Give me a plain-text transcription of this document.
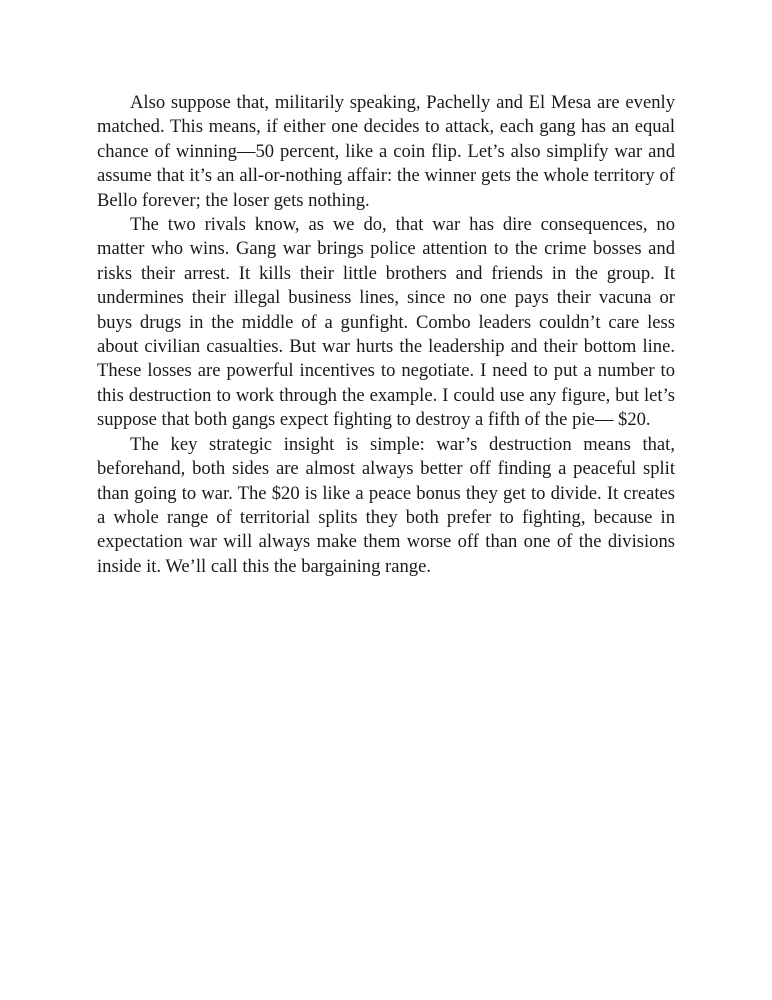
Also suppose that, militarily speaking, Pachelly and El Mesa are evenly matched. This means, if either one decides to attack, each gang has an equal chance of winning—50 percent, like a coin flip. Let’s also simplify war and assume that it’s an all-or-nothing affair: the winner gets the whole territory of Bello forever; the loser gets nothing.

The two rivals know, as we do, that war has dire consequences, no matter who wins. Gang war brings police attention to the crime bosses and risks their arrest. It kills their little brothers and friends in the group. It undermines their illegal business lines, since no one pays their vacuna or buys drugs in the middle of a gunfight. Combo leaders couldn’t care less about civilian casualties. But war hurts the leadership and their bottom line. These losses are powerful incentives to negotiate. I need to put a number to this destruction to work through the example. I could use any figure, but let’s suppose that both gangs expect fighting to destroy a fifth of the pie— $20.

The key strategic insight is simple: war’s destruction means that, beforehand, both sides are almost always better off finding a peaceful split than going to war. The $20 is like a peace bonus they get to divide. It creates a whole range of territorial splits they both prefer to fighting, because in expectation war will always make them worse off than one of the divisions inside it. We’ll call this the bargaining range.
